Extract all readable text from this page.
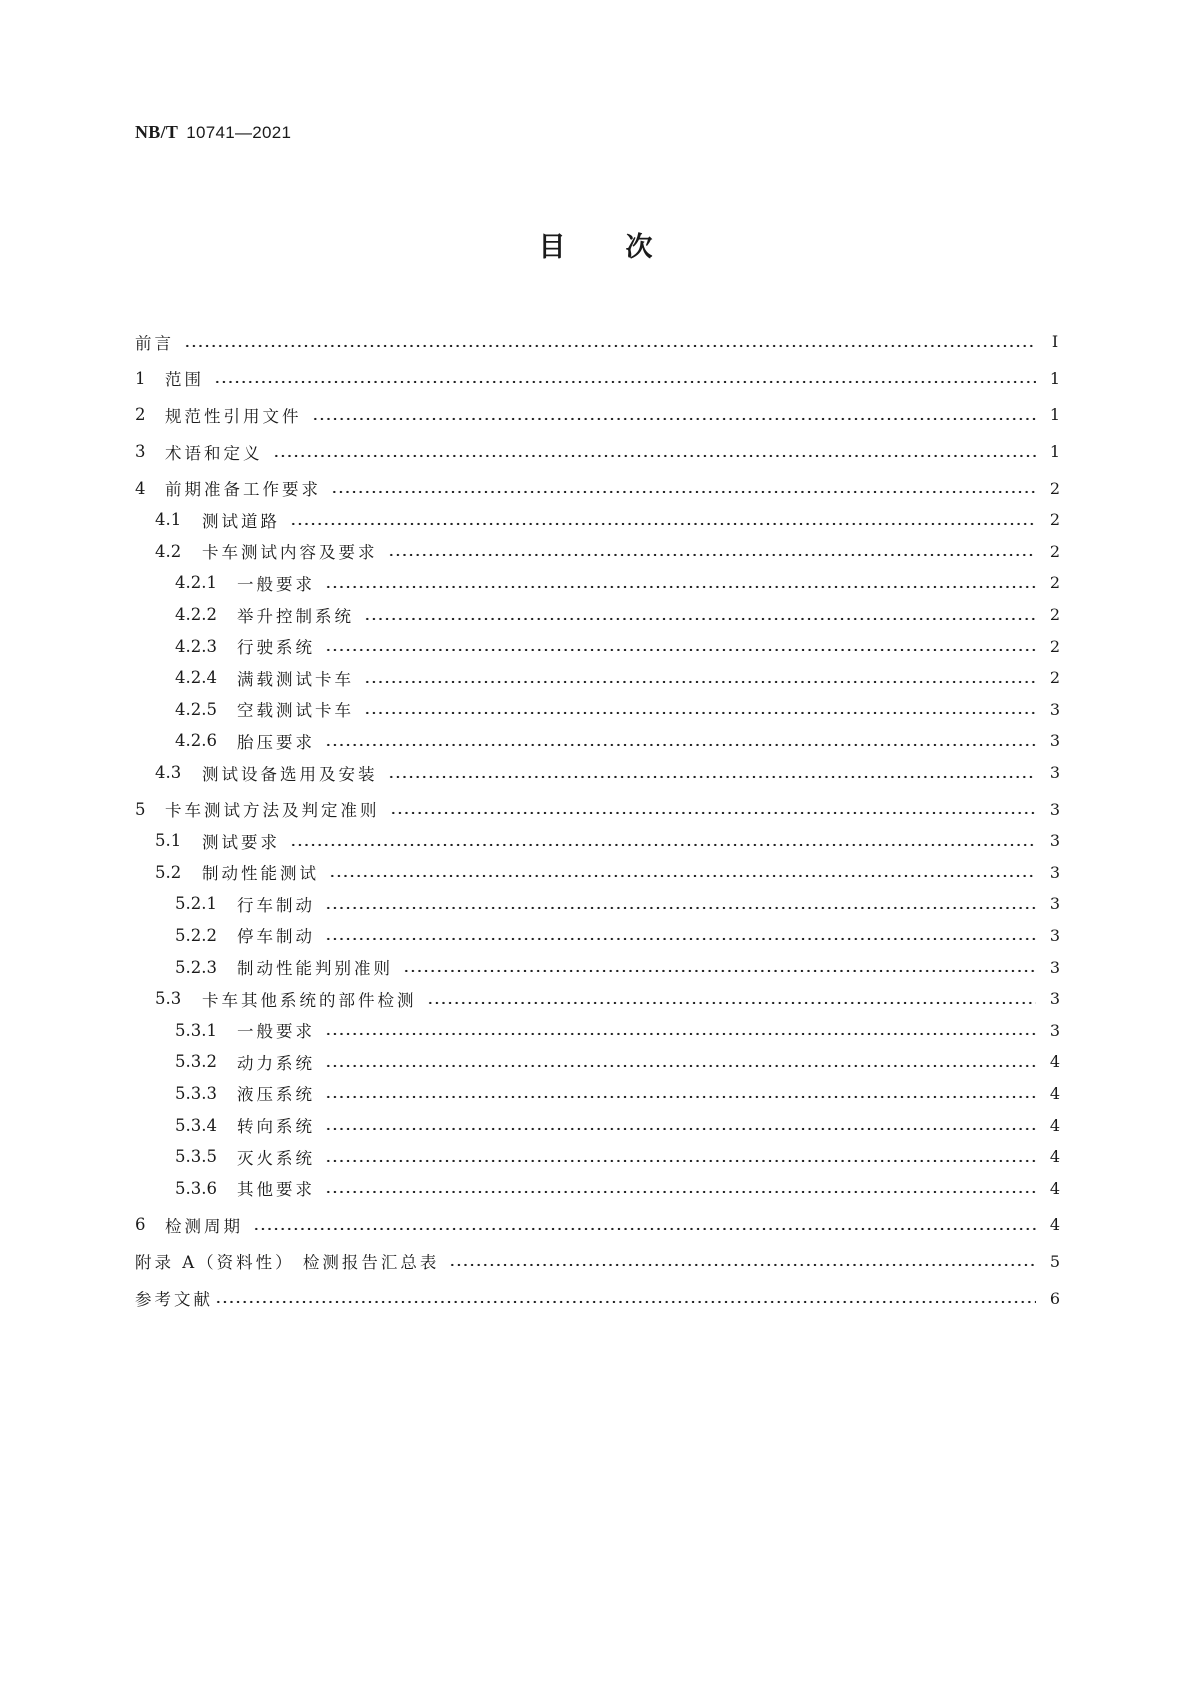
NB/T 10741—2021
目 次
前言	Ⅰ
1	范围	1
2	规范性引用文件	1
3	术语和定义	1
4	前期准备工作要求	2
4.1	测试道路	2
4.2	卡车测试内容及要求	2
4.2.1	一般要求	2
4.2.2	举升控制系统	2
4.2.3	行驶系统	2
4.2.4	满载测试卡车	2
4.2.5	空载测试卡车	3
4.2.6	胎压要求	3
4.3	测试设备选用及安装	3
5	卡车测试方法及判定准则	3
5.1	测试要求	3
5.2	制动性能测试	3
5.2.1	行车制动	3
5.2.2	停车制动	3
5.2.3	制动性能判别准则	3
5.3	卡车其他系统的部件检测	3
5.3.1	一般要求	3
5.3.2	动力系统	4
5.3.3	液压系统	4
5.3.4	转向系统	4
5.3.5	灭火系统	4
5.3.6	其他要求	4
6	检测周期	4
附录 A（资料性） 检测报告汇总表	5
参考文献	6
